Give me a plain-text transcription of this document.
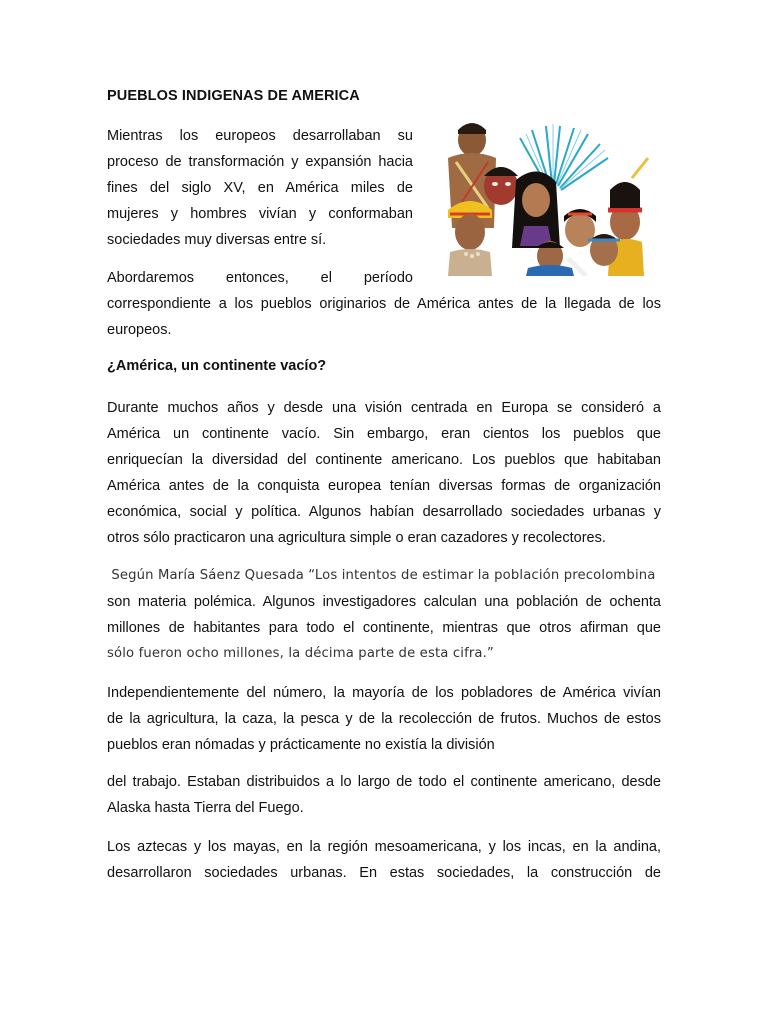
PUEBLOS INDIGENAS DE AMERICA

Mientras los europeos desarrollaban su
proceso de transformación y expansión hacia
fines del siglo XV, en América miles de
mujeres y hombres vivían y conformaban
sociedades muy diversas entre sí.

Abordaremos entonces, el período
correspondiente a los pueblos originarios de América antes de la llegada de los
europeos.
¿América, un continente vacío?

Durante muchos años y desde una visión centrada en Europa se consideró a
América un continente vacío. Sin embargo, eran cientos los pueblos que
enriquecían la diversidad del continente americano. Los pueblos que habitaban
América antes de la conquista europea tenían diversas formas de organización
económica, social y política. Algunos habían desarrollado sociedades urbanas y
otros sólo practicaron una agricultura simple o eran cazadores y recolectores.

Según María Sáenz Quesada “Los intentos de estimar la población precolombina
son materia polémica. Algunos investigadores calculan una población de ochenta
millones de habitantes para todo el continente, mientras que otros afirman que
sólo fueron ocho millones, la décima parte de esta cifra.”

Independientemente del número, la mayoría de los pobladores de América vivían
de la agricultura, la caza, la pesca y de la recolección de frutos. Muchos de estos
pueblos eran nómadas y prácticamente no existía la división

del trabajo. Estaban distribuidos a lo largo de todo el continente americano, desde
Alaska hasta Tierra del Fuego.

Los aztecas y los mayas, en la región mesoamericana, y los incas, en la andina,
desarrollaron sociedades urbanas. En estas sociedades, la construcción de
